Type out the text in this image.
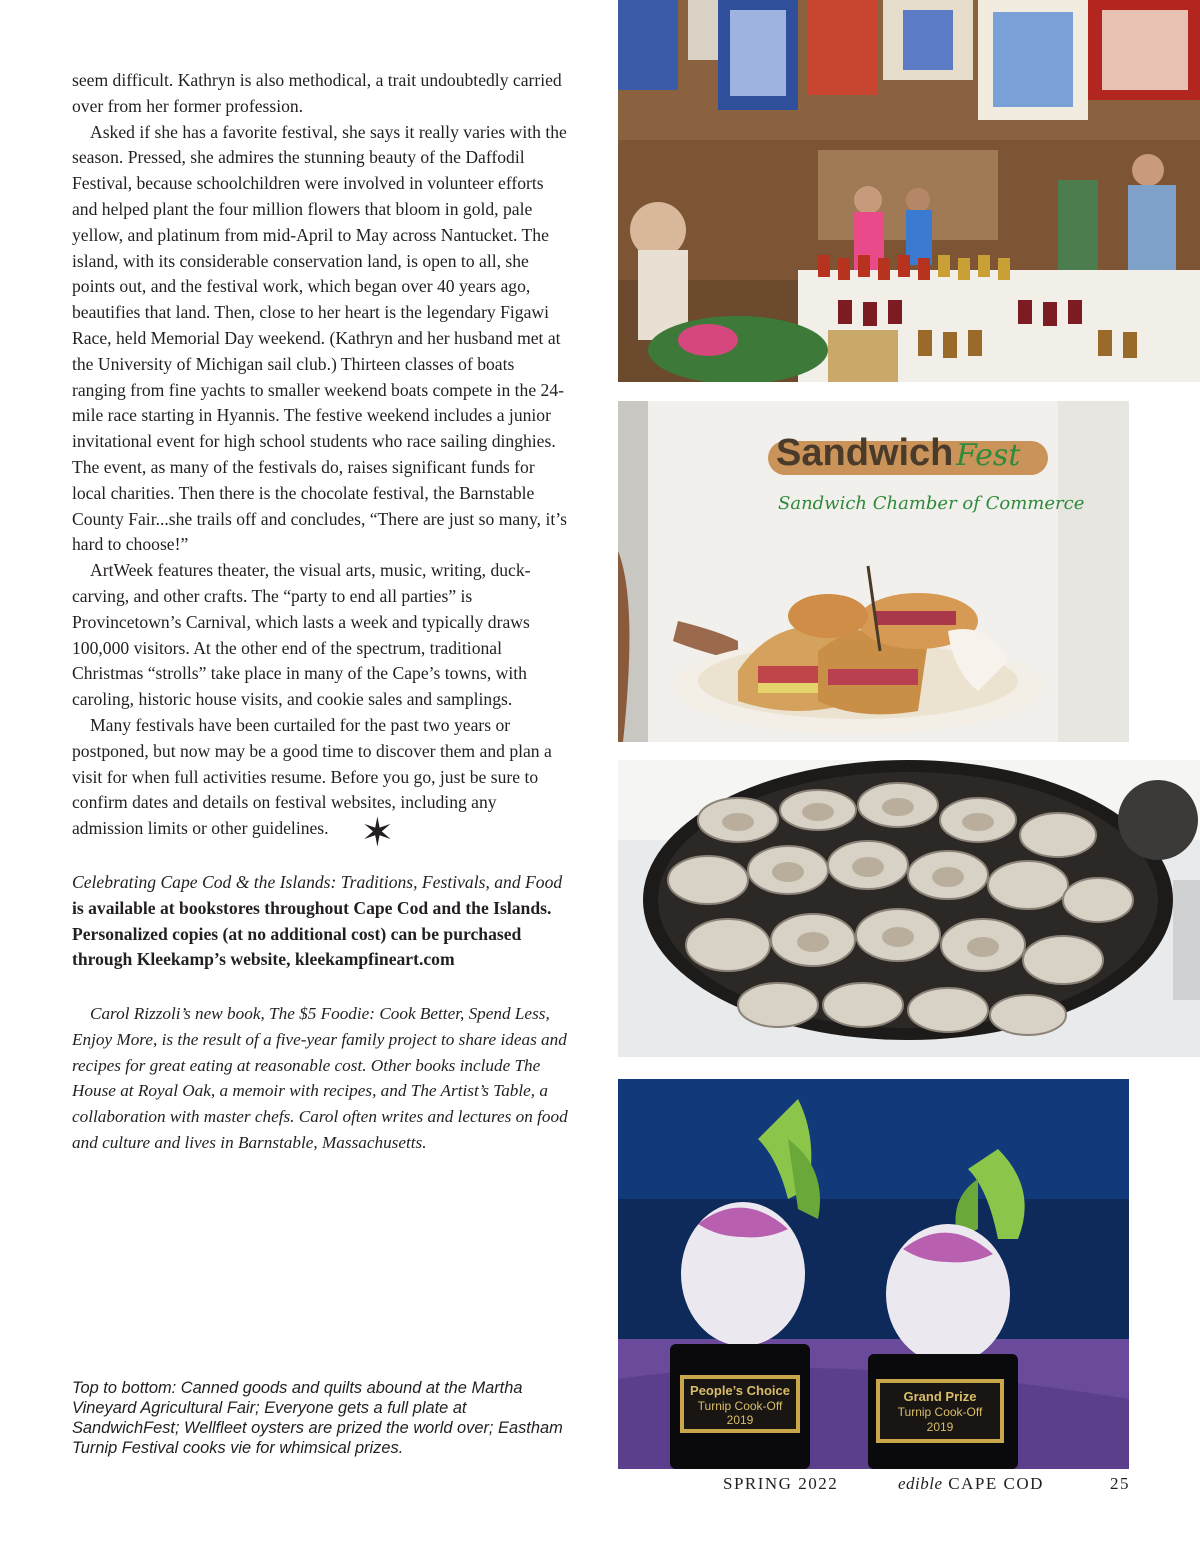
seem difficult. Kathryn is also methodical, a trait undoubtedly carried over from her former profession.

Asked if she has a favorite festival, she says it really varies with the season. Pressed, she admires the stunning beauty of the Daffodil Festival, because schoolchildren were involved in volunteer efforts and helped plant the four million flowers that bloom in gold, pale yellow, and platinum from mid-April to May across Nantucket. The island, with its considerable conservation land, is open to all, she points out, and the festival work, which began over 40 years ago, beautifies that land. Then, close to her heart is the legendary Figawi Race, held Memorial Day weekend. (Kathryn and her husband met at the University of Michigan sail club.) Thirteen classes of boats ranging from fine yachts to smaller weekend boats compete in the 24-mile race starting in Hyannis. The festive weekend includes a junior invitational event for high school students who race sailing dinghies. The event, as many of the festivals do, raises significant funds for local charities. Then there is the chocolate festival, the Barnstable County Fair...she trails off and concludes, “There are just so many, it’s hard to choose!”

ArtWeek features theater, the visual arts, music, writing, duck-carving, and other crafts. The “party to end all parties” is Provincetown’s Carnival, which lasts a week and typically draws 100,000 visitors. At the other end of the spectrum, traditional Christmas “strolls” take place in many of the Cape’s towns, with caroling, historic house visits, and cookie sales and samplings.

Many festivals have been curtailed for the past two years or postponed, but now may be a good time to discover them and plan a visit for when full activities resume. Before you go, just be sure to confirm dates and details on festival websites, including any admission limits or other guidelines. ✶

Celebrating Cape Cod & the Islands: Traditions, Festivals, and Food is available at bookstores throughout Cape Cod and the Islands. Personalized copies (at no additional cost) can be purchased through Kleekamp’s website, kleekampfineart.com

Carol Rizzoli’s new book, The $5 Foodie: Cook Better, Spend Less, Enjoy More, is the result of a five-year family project to share ideas and recipes for great eating at reasonable cost. Other books include The House at Royal Oak, a memoir with recipes, and The Artist’s Table, a collaboration with master chefs. Carol often writes and lectures on food and culture and lives in Barnstable, Massachusetts.

Top to bottom: Canned goods and quilts abound at the Martha Vineyard Agricultural Fair; Everyone gets a full plate at SandwichFest; Wellfleet oysters are prized the world over; Eastham Turnip Festival cooks vie for whimsical prizes.

Sandwich Fest
Sandwich Chamber of Commerce
People’s Choice
Turnip Cook-Off
2019
Grand Prize
Turnip Cook-Off
2019
SPRING 2022	edible CAPE COD	25
